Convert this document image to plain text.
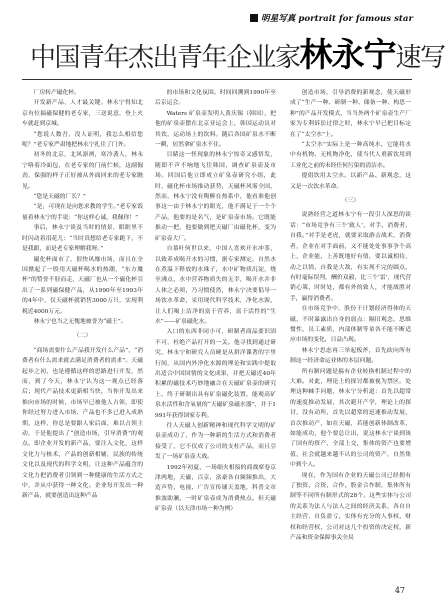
明星写真 portrait for famous star
中国青年杰出青年企业家 林永宁 速写

厂房转产磁化杯。

开发新产品，人才最关键。林永宁得知北京有位搞磁保健的老专家，三送说意，登上火车就赶到京城。

“您说人数吾，没人证明，我怎么相信您呢？”老专家严肃地把林永宁扎住了门外。

初冬的北京，北风凛冽，寒冷袭人，林永宁咯着冷面包，在老专家的门前伫候，这副倔劲，保强的样子正好被从外面回来的老专家瞧见。

“您是天磁的厂长？”

“是，可现在是向您求教的学生。”老专家饭量着林永宁的手说：“你这样心诚，我佩你！”

事后，林永宁谈及当时的情景，眼眶里不时闪动着泪花儿：“当时真想给老专家跪下，不是我跟，而是老专家理解我呀。”

磁化杯面市了，很快风靡市场，而且在全国掀起了一股用天磁杯喝水的热潮，“东方魔杯”的赞誉不胫而走，天磁厂也从一个磁化杯引出了一系列磁保健产品，从1990年至1993年的4年中，仅天磁杯就销售3000万只，实现利税近4000万元。

林永宁也当之无愧地被誉为“磁王”。

（二）

“商场需要什么产品我开发什么产品”，“消费者有什么需求就去满足消费者的需求”。天磁起步之初，也是遵循这样的思路进行开发，然而，到了今天，林永宁认为这一观点已经落后；现代产品技术更新相当快，当你开发出来推向市场的时候，市场早已被他人占领，即使你经过努力进入市场，产品也不多已进入成熟期，这样，你总是要跟人家后面，难以占领主动，于是他提出了“创造市场，引导消费”的观点。即企业开发的新产品，要注入文化，这样文化力与核术，产品的创新相辅，民族的传统文化以及现代的科学文明，让这种产品蕴含的文化力把消费者引领到一种健康的生活方式之中，并从中获得一种文化。企业每开发出一种新产品，就要创造出这种产品

的市场和文化氛围。时间回溯到1990年至后京运会。

Waters 矿泉壶发明人黄庆锡（韩国），把他的矿泉壶摆在北京亚运会上，韩国运动员对其饮，运动场上的饮料。随后各国矿泉水不断一瞬，居然拿矿泉水不住。

目睹这一怪现象的林永宁惊奇又感悟发，随即不声不响地飞往韩国，调查矿泉壶及市场。回国后他立即成立矿泉壶研究小组，此时，磁化杯市场推动获势，天磁杯风雾全国，然而，林永宁没有陶醉在热系中，他看准他创事这一由于林永宁的眼光，他不满足于一个个产品，他要的是名气，是矿泉壶市场。它既能推动一把，他要做到把天磁厂由磁化杯，变为矿泉壶大厂。

自慕叶何世以来，中国人喜欢开水冲茶，以致养成喝开水的习惯，据专家测定，自然水在煮温下释放的水珠子，水中矿物质沉淀，烧至沸点，水中营养物质失的无幸，喝开水并非人体之必须，乃习惯使然，林永宁决要倡导一场饮水革命，采用现代科学技术，净化水源，让人们喝上洁净的富于营养，富于活性的“生水”——矿泉磁化水。

入口的东西非同小可，研制者商品要识固不可，杜绝产品打开的一关。他寻找到通过研究，林永宁和研究人员硬是从拼洋课著的字里行间，从国内外净化水源的理论和实践中提取出适合中国国情的文化成果，并把天磁近40年积累的磁技术巧妙地融合在天磁矿泉壶的研究上，终于研制出具有矿泉磁化装置，能观高矿泉水活性和含氧量的“天磁矿泉磁水器”，并于1991年获得国家专利。

往人天磁人创新精神和现代科学文明的矿泉壶成功了，作为一种新的生活方式和消费者接受了，它不仅成了公司的支柱产品，而且引发了一场矿泉壶大战。

1992年初夏，一场细火相接的商战席卷京津两地，天磁，百京，富豪各自频频推出，大造声势，电视、广告宣传铺天盖地，科普文章推波助澜，一时矿泉壶成为消费热点。但天磁矿泉壶（以天津市场一种为例）

创造市场，引导消费的新观念，使天磁形成了“生产一种、研制一种、储备一种、构思一种”的产品开发模式，当当外两个矿泉壶生产厂家为专利诉讼过律之时，林永宁早已把目标定在了“太空水”上。

“太空水”实际上是一种高纯水，它能将水中有机物、无机物净化，使当代人重新饮用到工业化之前的未经任何污染的清洁水。

提倡饮用太空水。以新产品、新观念，这又是一次饮水革命。

（三）

说熟经营之道林永宁有一段引人深思的谈话：“市场竞争有三个‘致人’，对手、消费者、自我。”对手是老虎，就要采取游击战术，消费者，企业在对手面前，又不能处处事事争个高上，企业能，上善既地好有情，要以诚相待，动之以情、自我是大敌，有实现不完的圆点，有时毫际误判，酬价双毅，比三个‘雷’，现代营销心策，时时处，都有外的致人，才能战胜对手，赢得消费者。

在市场竞争中，股份于计划经济得体的天磁，不时暴露出自身的弱点：隔旧观念，思维惯性，员工素质，内部体制等童各不能不断适应市场的变化，日益凸现。

林永宁思虑再三举起板斧，首先砍向所有制这一经济命运业体的本层问题。

所有制问题是搞有企业转换机制过程中的大难。对此，理论上的探讨都被视为禁区。处理这种棘手问题，林永宁分析道：首先以超常的速度推动发展，其次避开产学，理论上的探讨，没有动所，首先以超常的迅速推动发展，首次推动产，如在天磁，若能创新体制改革，如能成功，他个要总让出，说这林永宁谈到该了国有的资产，全部上交，集体的资产也要增值，社会就越来越不认的公司的资产，自然集中到个人。

现在，作为国有企业的天磁公司已经拥有了独资、合资、合作、股金合作制，集体所有制等不同所有制形式的28个。这些实体与公司的关系为法人与法人之间的经济关系，各自自主经营，自负盈亏，实体有充分的人事权、财权和经营权，公司对这几个投资的决定权，新产品和资金保障事关全局

47
